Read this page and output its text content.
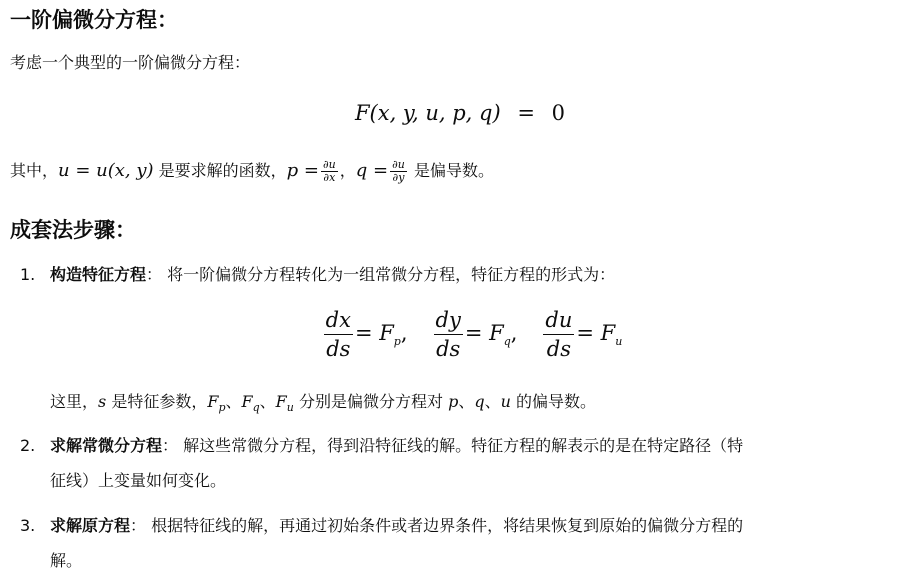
一阶偏微分方程：

考虑一个典型的一阶偏微分方程：

F(x, y, u, p, q) = 0

其中，u = u(x, y) 是要求解的函数，$p = \frac{\partial u}{\partial x}$ ，$q = \frac{\partial u}{\partial y}$ 是偏导数。

成套法步骤：
1. 构造特征方程： 将一阶偏微分方程转化为一组常微分方程，特征方程的形式为：

$\frac{dx}{ds} = F_p$, $\frac{dy}{ds} = F_q$, $\frac{du}{ds} = F_u$

这里，s 是特征参数，$F_p$、$F_q$、$F_u$ 分别是偏微分方程对 p、q、u 的偏导数。

2. 求解常微分方程： 解这些常微分方程，得到沿特征线的解。特征方程的解表示的是在特定路径（特

征线）上变量如何变化。

3. 求解原方程： 根据特征线的解，再通过初始条件或者边界条件，将结果恢复到原始的偏微分方程的

解。
